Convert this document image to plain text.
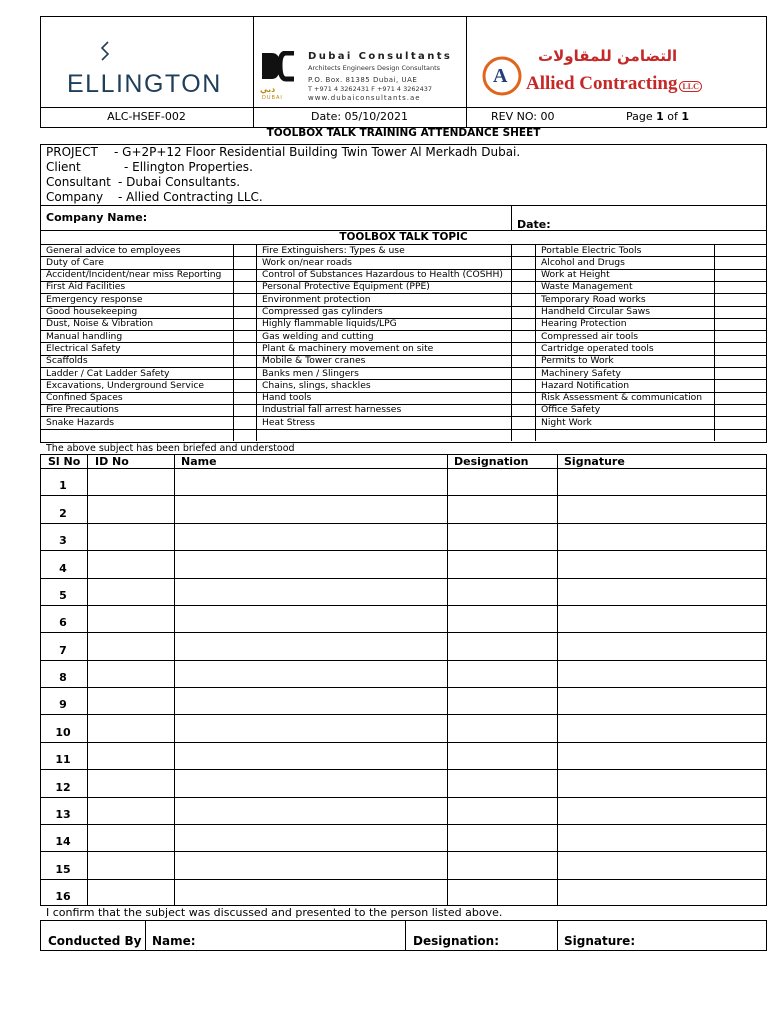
ELLINGTON	دبي
DUBAI
Dubai Consultants
Architects Engineers Design Consultants
P.O. Box. 81385 Dubai, UAE
T +971 4 3262431 F +971 4 3262437
www.dubaiconsultants.ae
A
التضامن للمقاولات
Allied Contracting LLC
ALC-HSEF-002	Date: 05/10/2021	REV NO: 00	Page 1 of 1
TOOLBOX TALK TRAINING ATTENDANCE SHEET
PROJECT - G+2P+12 Floor Residential Building Twin Tower Al Merkadh Dubai.
Client	- Ellington Properties.
Consultant - Dubai Consultants.
Company - Allied Contracting LLC.
Company Name:
Date:
TOOLBOX TALK TOPIC
General advice to employees	Fire Extinguishers: Types & use	Portable Electric Tools
Duty of Care	Work on/near roads	Alcohol and Drugs
Accident/Incident/near miss Reporting	Control of Substances Hazardous to Health (COSHH)	Work at Height
First Aid Facilities	Personal Protective Equipment (PPE)	Waste Management
Emergency response	Environment protection	Temporary Road works
Good housekeeping	Compressed gas cylinders	Handheld Circular Saws
Dust, Noise & Vibration	Highly flammable liquids/LPG	Hearing Protection
Manual handling	Gas welding and cutting	Compressed air tools
Electrical Safety	Plant & machinery movement on site	Cartridge operated tools
Scaffolds	Mobile & Tower cranes	Permits to Work
Ladder / Cat Ladder Safety	Banks men / Slingers	Machinery Safety
Excavations, Underground Service	Chains, slings, shackles	Hazard Notification
Confined Spaces	Hand tools	Risk Assessment & communication
Fire Precautions	Industrial fall arrest harnesses	Office Safety
Snake Hazards	Heat Stress	Night Work
The above subject has been briefed and understood
Sl No ID No	Name	Designation	Signature
1
2
3
4
5
6
7
8
9
10
11
12
13
14
15
16
I confirm that the subject was discussed and presented to the person listed above.
Conducted By Name:	Designation:	Signature:
